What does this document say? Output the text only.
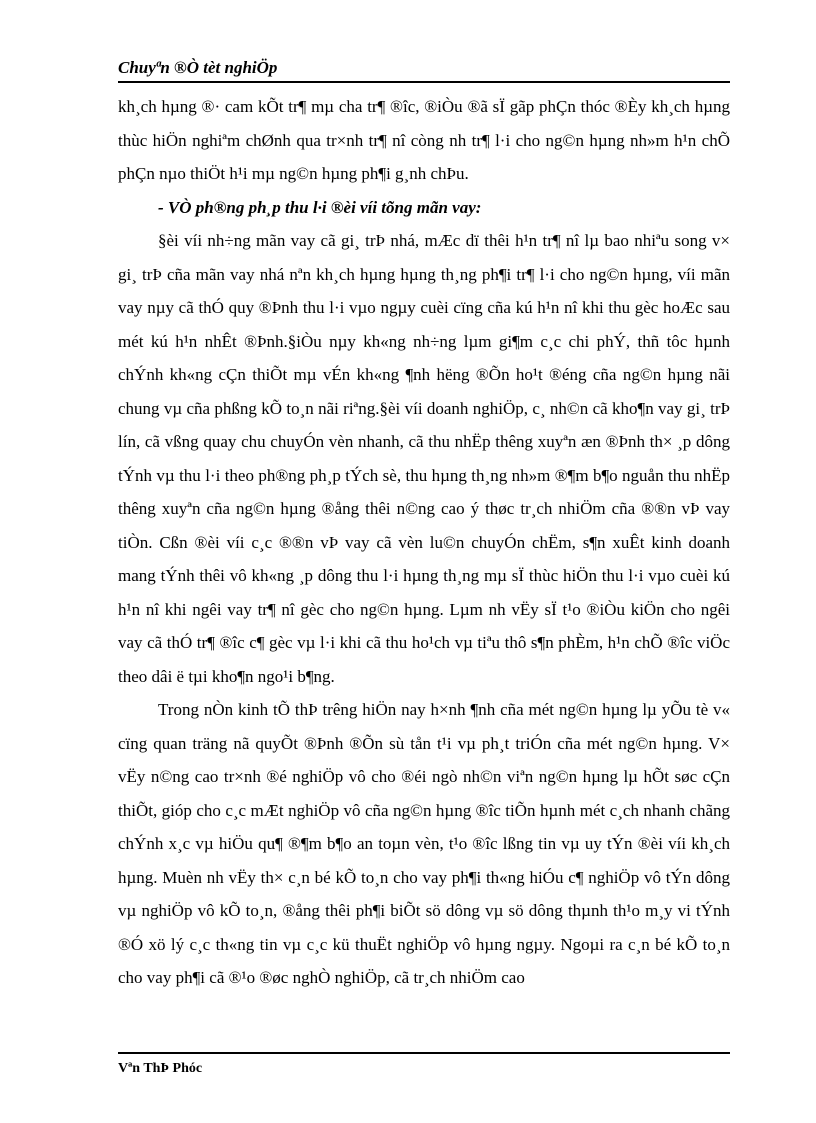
Chuyªn ®Ò tèt nghiÖp

kh¸ch hµng ®· cam kÕt tr¶ mµ cha tr¶ ®îc, ®iÒu ®ã sÏ gãp phÇn thóc ®Èy kh¸ch hµng thùc hiÖn nghiªm chØnh qua tr×nh tr¶ nî còng nh tr¶ l·i cho ng©n hµng nh»m h¹n chÕ phÇn nµo thiÖt h¹i mµ ng©n hµng ph¶i g¸nh chÞu.

- VÒ ph®ng ph¸p thu l·i ®èi víi tõng mãn vay:

§èi víi nh÷ng mãn vay cã gi¸ trÞ nhá, mÆc dï thêi h¹n tr¶ nî lµ bao nhiªu song v× gi¸ trÞ cña mãn vay nhá nªn kh¸ch hµng hµng th¸ng ph¶i tr¶ l·i cho ng©n hµng, víi mãn vay nµy cã thÓ quy ®Þnh thu l·i vµo ngµy cuèi cïng cña kú h¹n nî khi thu gèc hoÆc sau mét kú h¹n nhÊt ®Þnh.§iÒu nµy kh«ng nh÷ng lµm gi¶m c¸c chi phÝ, thñ tôc hµnh chÝnh kh«ng cÇn thiÕt mµ vÉn kh«ng ¶nh hëng ®Õn ho¹t ®éng cña ng©n hµng nãi chung vµ cña phßng kÕ to¸n nãi riªng.§èi víi doanh nghiÖp, c¸ nh©n cã kho¶n vay gi¸ trÞ lín, cã vßng quay chu chuyÓn vèn nhanh, cã thu nhËp thêng xuyªn æn ®Þnh th× ¸p dông tÝnh vµ thu l·i theo ph®ng ph¸p tÝch sè, thu hµng th¸ng nh»m ®¶m b¶o nguån thu nhËp thêng xuyªn cña ng©n hµng ®ång thêi n©ng cao ý thøc tr¸ch nhiÖm cña ®®n vÞ vay tiÒn. Cßn ®èi víi c¸c ®®n vÞ vay cã vèn lu©n chuyÓn chËm, s¶n xuÊt kinh doanh mang tÝnh thêi vô kh«ng ¸p dông thu l·i hµng th¸ng mµ sÏ thùc hiÖn thu l·i vµo cuèi kú h¹n nî khi ngêi vay tr¶ nî gèc cho ng©n hµng. Lµm nh vËy sÏ t¹o ®iÒu kiÖn cho ngêi vay cã thÓ tr¶ ®îc c¶ gèc vµ l·i khi cã thu ho¹ch vµ tiªu thô s¶n phÈm, h¹n chÕ ®îc viÖc theo dâi ë tµi kho¶n ngo¹i b¶ng.

Trong nÒn kinh tÕ thÞ trêng hiÖn nay h×nh ¶nh cña mét ng©n hµng lµ yÕu tè v« cïng quan träng nã quyÕt ®Þnh ®Õn sù tån t¹i vµ ph¸t triÓn cña mét ng©n hµng. V× vËy n©ng cao tr×nh ®é nghiÖp vô cho ®éi ngò nh©n viªn ng©n hµng lµ hÕt søc cÇn thiÕt, gióp cho c¸c mÆt nghiÖp vô cña ng©n hµng ®îc tiÕn hµnh mét c¸ch nhanh chãng chÝnh x¸c vµ hiÖu qu¶ ®¶m b¶o an toµn vèn, t¹o ®îc lßng tin vµ uy tÝn ®èi víi kh¸ch hµng. Muèn nh vËy th× c¸n bé kÕ to¸n cho vay ph¶i th«ng hiÓu c¶ nghiÖp vô tÝn dông vµ nghiÖp vô kÕ to¸n, ®ång thêi ph¶i biÕt sö dông vµ sö dông thµnh th¹o m¸y vi tÝnh ®Ó xö lý c¸c th«ng tin vµ c¸c kü thuËt nghiÖp vô hµng ngµy. Ngoµi ra c¸n bé kÕ to¸n cho vay ph¶i cã ®¹o ®øc nghÒ nghiÖp, cã tr¸ch nhiÖm cao

Vªn ThÞ Phóc
